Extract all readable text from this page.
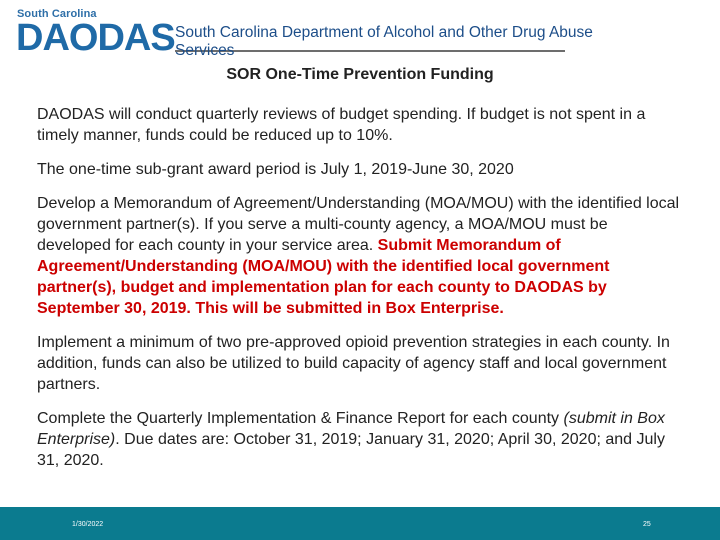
South Carolina
DAODAS South Carolina Department of Alcohol and Other Drug Abuse Services
SOR One-Time Prevention Funding

DAODAS will conduct quarterly reviews of budget spending. If budget is not spent in a timely manner, funds could be reduced up to 10%.

The one-time sub-grant award period is July 1, 2019-June 30, 2020

Develop a Memorandum of Agreement/Understanding (MOA/MOU) with the identified local government partner(s). If you serve a multi-county agency, a MOA/MOU must be developed for each county in your service area. Submit Memorandum of Agreement/Understanding (MOA/MOU) with the identified local government partner(s), budget and implementation plan for each county to DAODAS by September 30, 2019. This will be submitted in Box Enterprise.

Implement a minimum of two pre-approved opioid prevention strategies in each county. In addition, funds can also be utilized to build capacity of agency staff and local government partners.

Complete the Quarterly Implementation & Finance Report for each county (submit in Box Enterprise). Due dates are: October 31, 2019; January 31, 2020; April 30, 2020; and July 31, 2020.

1/30/2022	25
